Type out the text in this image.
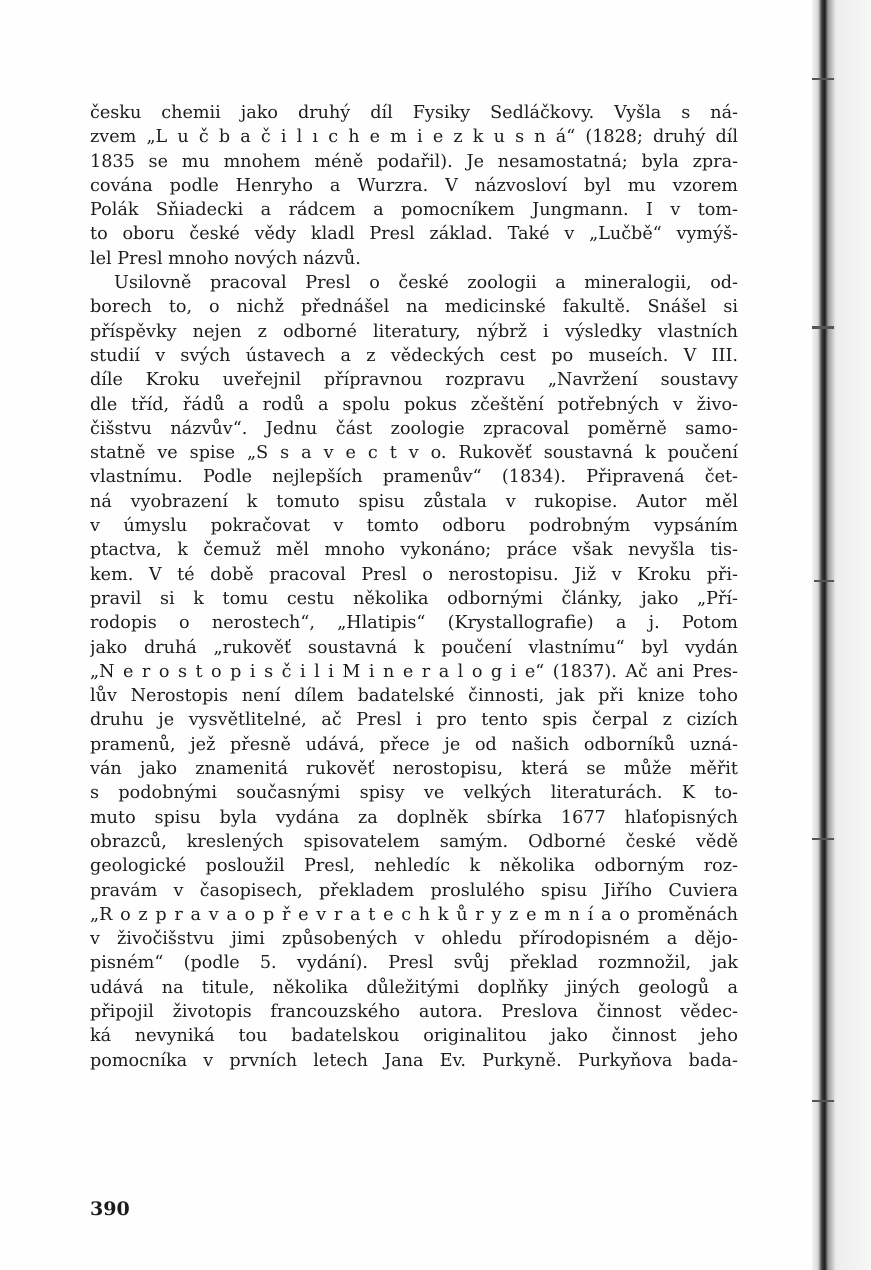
česku chemii jako druhý díl Fysiky Sedláčkovy. Vyšla s ná-
zvem „L u č b a č i l ı c h e m i e z k u s n á“ (1828; druhý díl
1835 se mu mnohem méně podařil). Je nesamostatná; byla zpra-
cována podle Henryho a Wurzra. V názvosloví byl mu vzorem
Polák Sňiadecki a rádcem a pomocníkem Jungmann. I v tom-
to oboru české vědy kladl Presl základ. Také v „Lučbě“ vymýš-
lel Presl mnoho nových názvů.
Usilovně pracoval Presl o české zoologii a mineralogii, od-
borech to, o nichž přednášel na medicinské fakultě. Snášel si
příspěvky nejen z odborné literatury, nýbrž i výsledky vlastních
studií v svých ústavech a z vědeckých cest po museích. V III.
díle Kroku uveřejnil přípravnou rozpravu „Navržení soustavy
dle tříd, řádů a rodů a spolu pokus zčeštění potřebných v živo-
čišstvu názvův“. Jednu část zoologie zpracoval poměrně samo-
statně ve spise „S s a v e c t v o. Rukověť soustavná k poučení
vlastnímu. Podle nejlepších pramenův“ (1834). Připravená čet-
ná vyobrazení k tomuto spisu zůstala v rukopise. Autor měl
v úmyslu pokračovat v tomto odboru podrobným vypsáním
ptactva, k čemuž měl mnoho vykonáno; práce však nevyšla tis-
kem. V té době pracoval Presl o nerostopisu. Již v Kroku při-
pravil si k tomu cestu několika odbornými články, jako „Pří-
rodopis o nerostech“, „Hlatipis“ (Krystallografie) a j. Potom
jako druhá „rukověť soustavná k poučení vlastnímu“ byl vydán
„N e r o s t o p i s č i l i M i n e r a l o g i e“ (1837). Ač ani Pres-
lův Nerostopis není dílem badatelské činnosti, jak při knize toho
druhu je vysvětlitelné, ač Presl i pro tento spis čerpal z cizích
pramenů, jež přesně udává, přece je od našich odborníků uzná-
ván jako znamenitá rukověť nerostopisu, která se může měřit
s podobnými současnými spisy ve velkých literaturách. K to-
muto spisu byla vydána za doplněk sbírka 1677 hlaťopisných
obrazců, kreslených spisovatelem samým. Odborné české vědě
geologické posloužil Presl, nehledíc k několika odborným roz-
pravám v časopisech, překladem proslulého spisu Jiřího Cuviera
„R o z p r a v a o p ř e v r a t e c h k ů r y z e m n í a o proměnách
v živočišstvu jimi způsobených v ohledu přírodopisném a dějo-
pisném“ (podle 5. vydání). Presl svůj překlad rozmnožil, jak
udává na titule, několika důležitými doplňky jiných geologů a
připojil životopis francouzského autora. Preslova činnost vědec-
ká nevyniká tou badatelskou originalitou jako činnost jeho
pomocníka v prvních letech Jana Ev. Purkyně. Purkyňova bada-
390
